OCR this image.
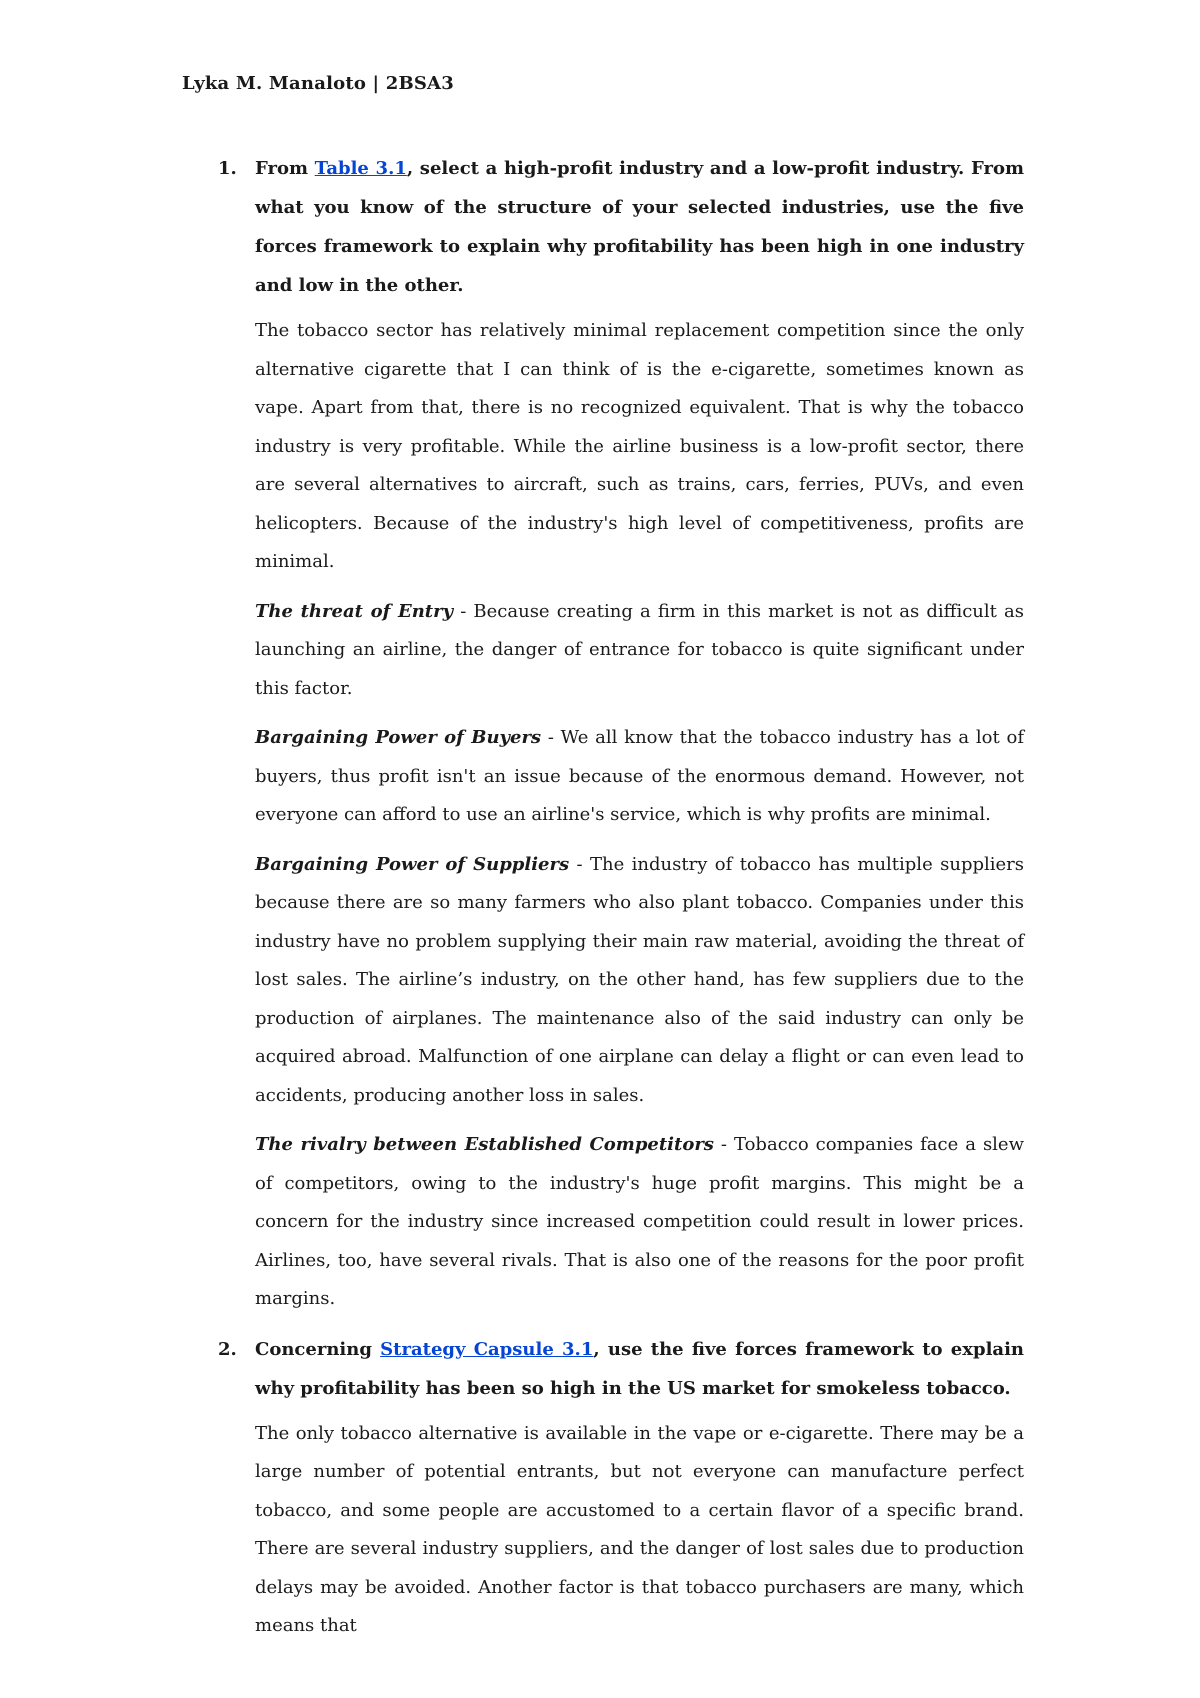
Lyka M. Manaloto | 2BSA3
1. From Table 3.1, select a high-profit industry and a low-profit industry. From what you know of the structure of your selected industries, use the five forces framework to explain why profitability has been high in one industry and low in the other.

The tobacco sector has relatively minimal replacement competition since the only alternative cigarette that I can think of is the e-cigarette, sometimes known as vape. Apart from that, there is no recognized equivalent. That is why the tobacco industry is very profitable. While the airline business is a low-profit sector, there are several alternatives to aircraft, such as trains, cars, ferries, PUVs, and even helicopters. Because of the industry's high level of competitiveness, profits are minimal.

The threat of Entry - Because creating a firm in this market is not as difficult as launching an airline, the danger of entrance for tobacco is quite significant under this factor.

Bargaining Power of Buyers - We all know that the tobacco industry has a lot of buyers, thus profit isn't an issue because of the enormous demand. However, not everyone can afford to use an airline's service, which is why profits are minimal.

Bargaining Power of Suppliers - The industry of tobacco has multiple suppliers because there are so many farmers who also plant tobacco. Companies under this industry have no problem supplying their main raw material, avoiding the threat of lost sales. The airline’s industry, on the other hand, has few suppliers due to the production of airplanes. The maintenance also of the said industry can only be acquired abroad. Malfunction of one airplane can delay a flight or can even lead to accidents, producing another loss in sales.

The rivalry between Established Competitors - Tobacco companies face a slew of competitors, owing to the industry's huge profit margins. This might be a concern for the industry since increased competition could result in lower prices. Airlines, too, have several rivals. That is also one of the reasons for the poor profit margins.

2. Concerning Strategy Capsule 3.1, use the five forces framework to explain why profitability has been so high in the US market for smokeless tobacco.

The only tobacco alternative is available in the vape or e-cigarette. There may be a large number of potential entrants, but not everyone can manufacture perfect tobacco, and some people are accustomed to a certain flavor of a specific brand. There are several industry suppliers, and the danger of lost sales due to production delays may be avoided. Another factor is that tobacco purchasers are many, which means that
